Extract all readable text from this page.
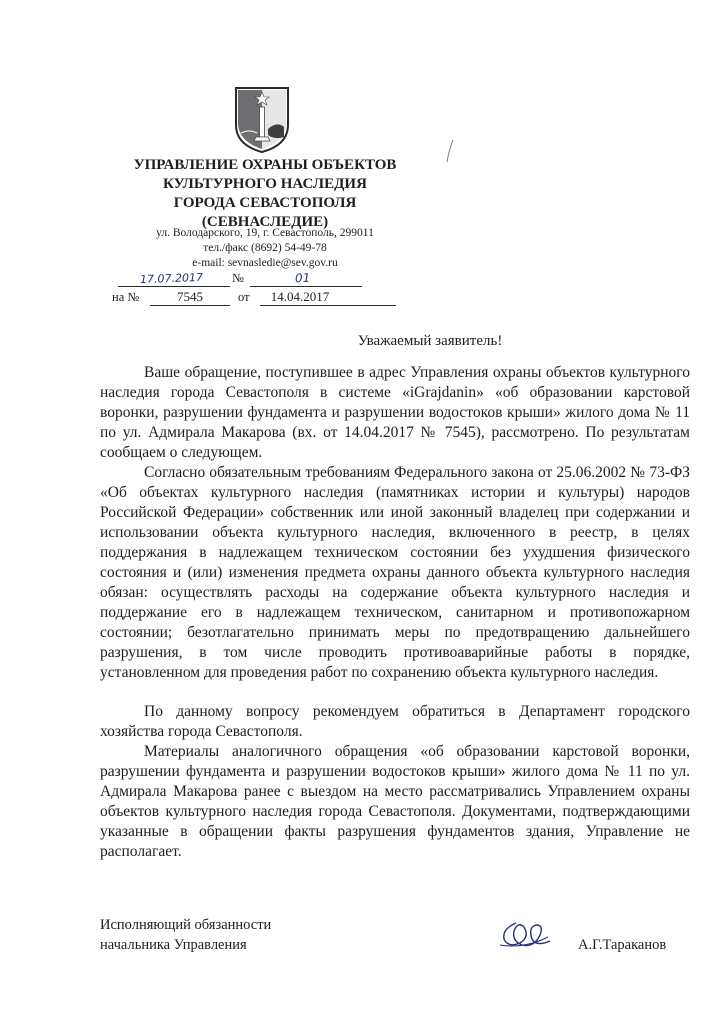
УПРАВЛЕНИЕ ОХРАНЫ ОБЪЕКТОВ
КУЛЬТУРНОГО НАСЛЕДИЯ
ГОРОДА СЕВАСТОПОЛЯ
(СЕВНАСЛЕДИЕ)
ул. Володарского, 19, г. Севастополь, 299011
тел./факс (8692) 54-49-78
e-mail: sevnasledie@sev.gov.ru
17.07.2017 №	01
на №	7545	от	14.04.2017
Уважаемый заявитель!

Ваше обращение, поступившее в адрес Управления охраны объектов культурного наследия города Севастополя в системе «iGrajdanin» «об образовании карстовой воронки, разрушении фундамента и разрушении водостоков крыши» жилого дома № 11 по ул. Адмирала Макарова (вх. от 14.04.2017 № 7545), рассмотрено. По результатам сообщаем о следующем.

Согласно обязательным требованиям Федерального закона от 25.06.2002 № 73-ФЗ «Об объектах культурного наследия (памятниках истории и культуры) народов Российской Федерации» собственник или иной законный владелец при содержании и использовании объекта культурного наследия, включенного в реестр, в целях поддержания в надлежащем техническом состоянии без ухудшения физического состояния и (или) изменения предмета охраны данного объекта культурного наследия обязан: осуществлять расходы на содержание объекта культурного наследия и поддержание его в надлежащем техническом, санитарном и противопожарном состоянии; безотлагательно принимать меры по предотвращению дальнейшего разрушения, в том числе проводить противоаварийные работы в порядке, установленном для проведения работ по сохранению объекта культурного наследия.

По данному вопросу рекомендуем обратиться в Департамент городского хозяйства города Севастополя.

Материалы аналогичного обращения «об образовании карстовой воронки, разрушении фундамента и разрушении водостоков крыши» жилого дома № 11 по ул. Адмирала Макарова ранее с выездом на место рассматривались Управлением охраны объектов культурного наследия города Севастополя. Документами, подтверждающими указанные в обращении факты разрушения фундаментов здания, Управление не располагает.

Исполняющий обязанности
начальника Управления	А.Г.Тараканов
